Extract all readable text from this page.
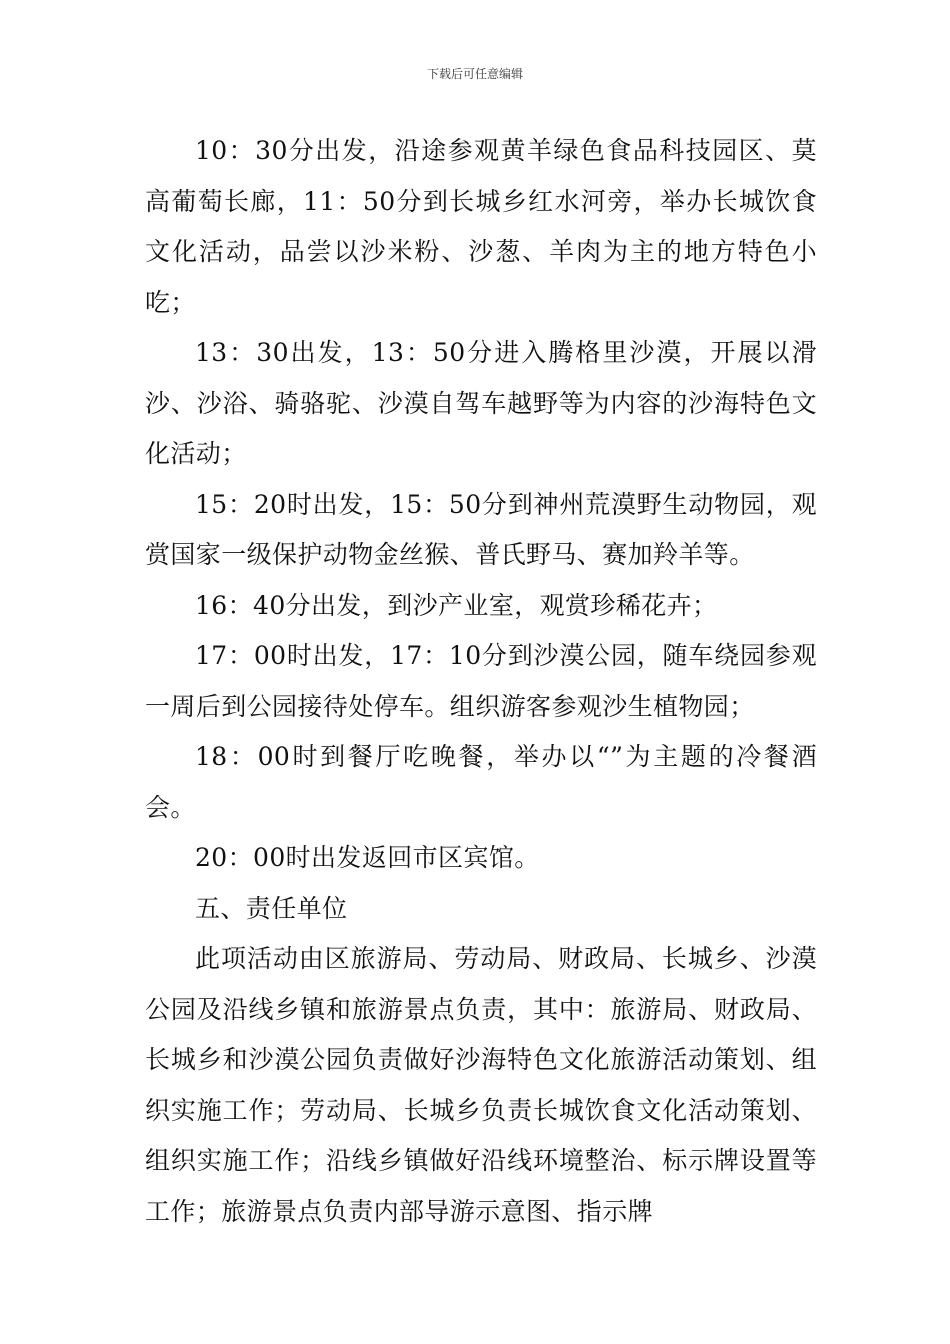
下载后可任意编辑

10：30分出发，沿途参观黄羊绿色食品科技园区、莫高葡萄长廊，11：50分到长城乡红水河旁，举办长城饮食文化活动，品尝以沙米粉、沙葱、羊肉为主的地方特色小吃；

13：30出发，13：50分进入腾格里沙漠，开展以滑沙、沙浴、骑骆驼、沙漠自驾车越野等为内容的沙海特色文化活动；

15：20时出发，15：50分到神州荒漠野生动物园，观赏国家一级保护动物金丝猴、普氏野马、赛加羚羊等。

16：40分出发，到沙产业室，观赏珍稀花卉；

17：00时出发，17：10分到沙漠公园，随车绕园参观一周后到公园接待处停车。组织游客参观沙生植物园；

18：00时到餐厅吃晚餐，举办以“”为主题的冷餐酒会。

20：00时出发返回市区宾馆。

五、责任单位

此项活动由区旅游局、劳动局、财政局、长城乡、沙漠公园及沿线乡镇和旅游景点负责，其中：旅游局、财政局、长城乡和沙漠公园负责做好沙海特色文化旅游活动策划、组织实施工作；劳动局、长城乡负责长城饮食文化活动策划、组织实施工作；沿线乡镇做好沿线环境整治、标示牌设置等工作；旅游景点负责内部导游示意图、指示牌
